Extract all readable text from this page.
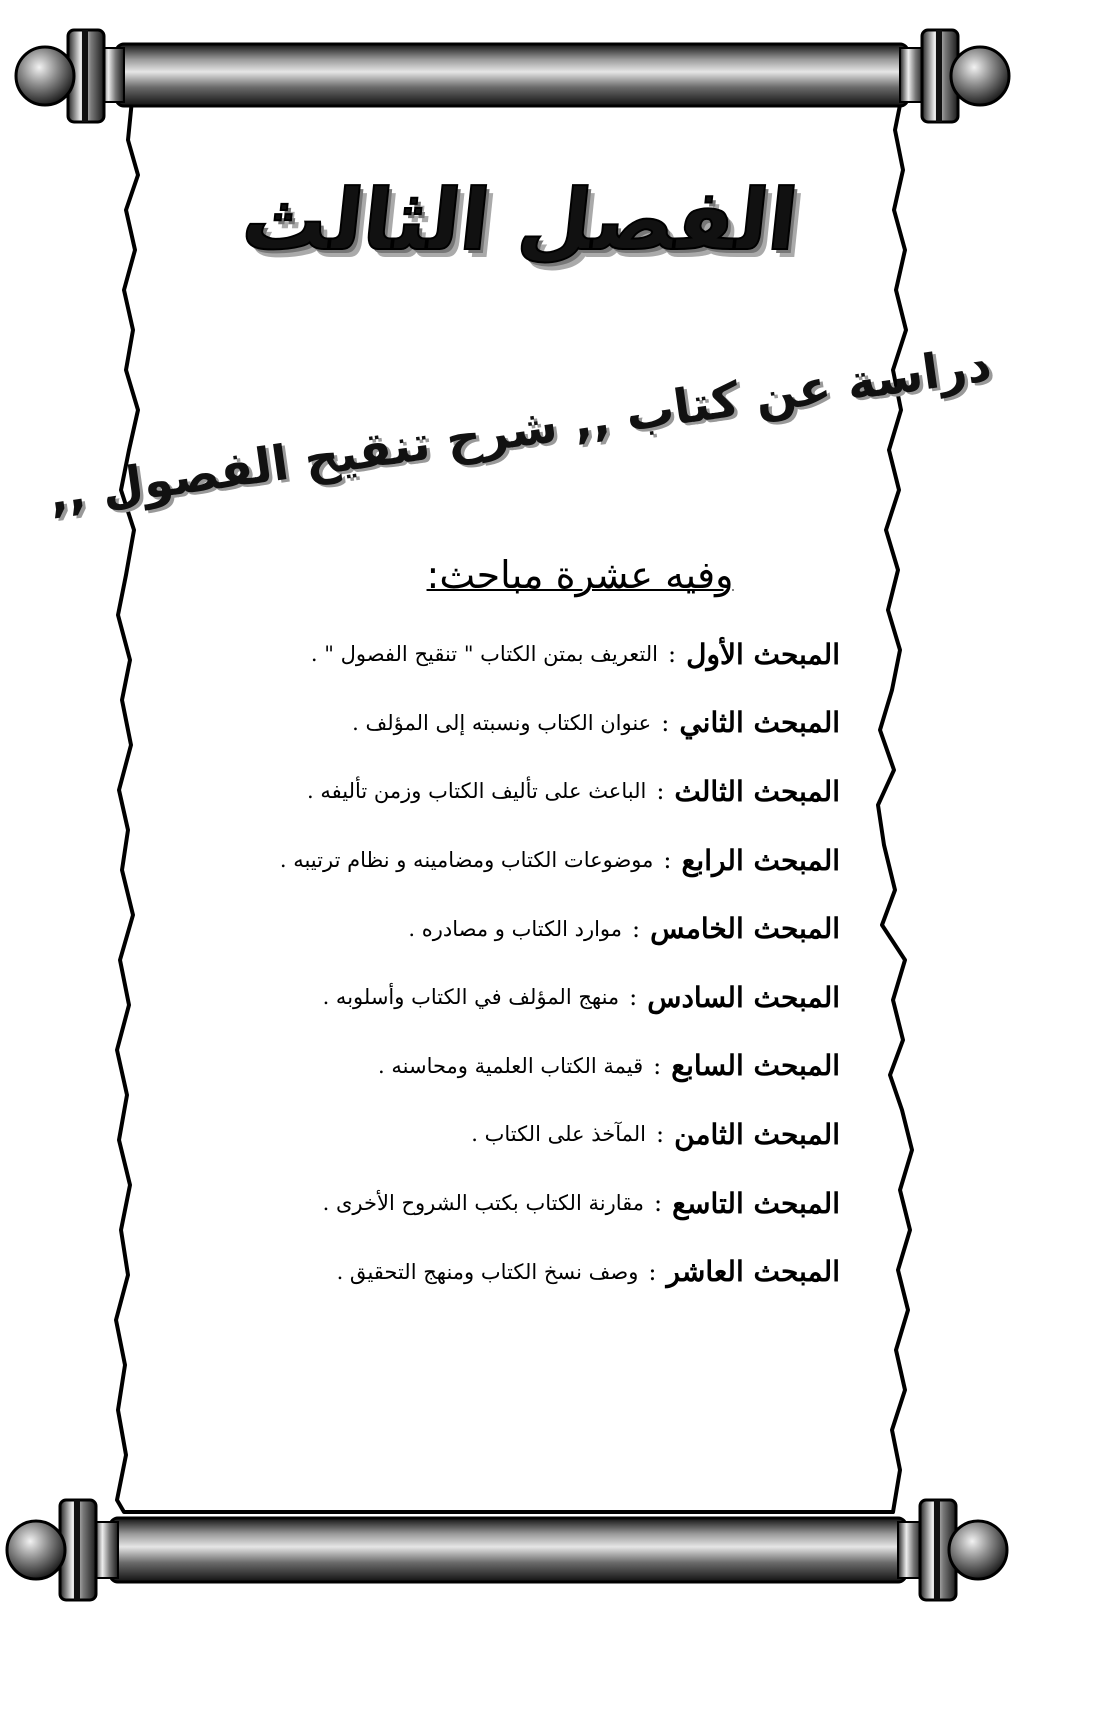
الفصل الثالث
دراسة عن كتاب ,, شرح تنقيح الفصول ,,
وفيه عشرة مباحث:
المبحث الأول
:
التعريف بمتن الكتاب " تنقيح الفصول " .
المبحث الثاني
:
عنوان الكتاب ونسبته إلى المؤلف .
المبحث الثالث
:
الباعث على تأليف الكتاب وزمن تأليفه .
المبحث الرابع
:
موضوعات الكتاب ومضامينه و نظام ترتيبه .
المبحث الخامس
:
موارد الكتاب و مصادره .
المبحث السادس
:
منهج المؤلف في الكتاب وأسلوبه .
المبحث السابع
:
قيمة الكتاب العلمية ومحاسنه .
المبحث الثامن
:
المآخذ على الكتاب .
المبحث التاسع
:
مقارنة الكتاب بكتب الشروح الأخرى .
المبحث العاشر
:
وصف نسخ الكتاب ومنهج التحقيق .
